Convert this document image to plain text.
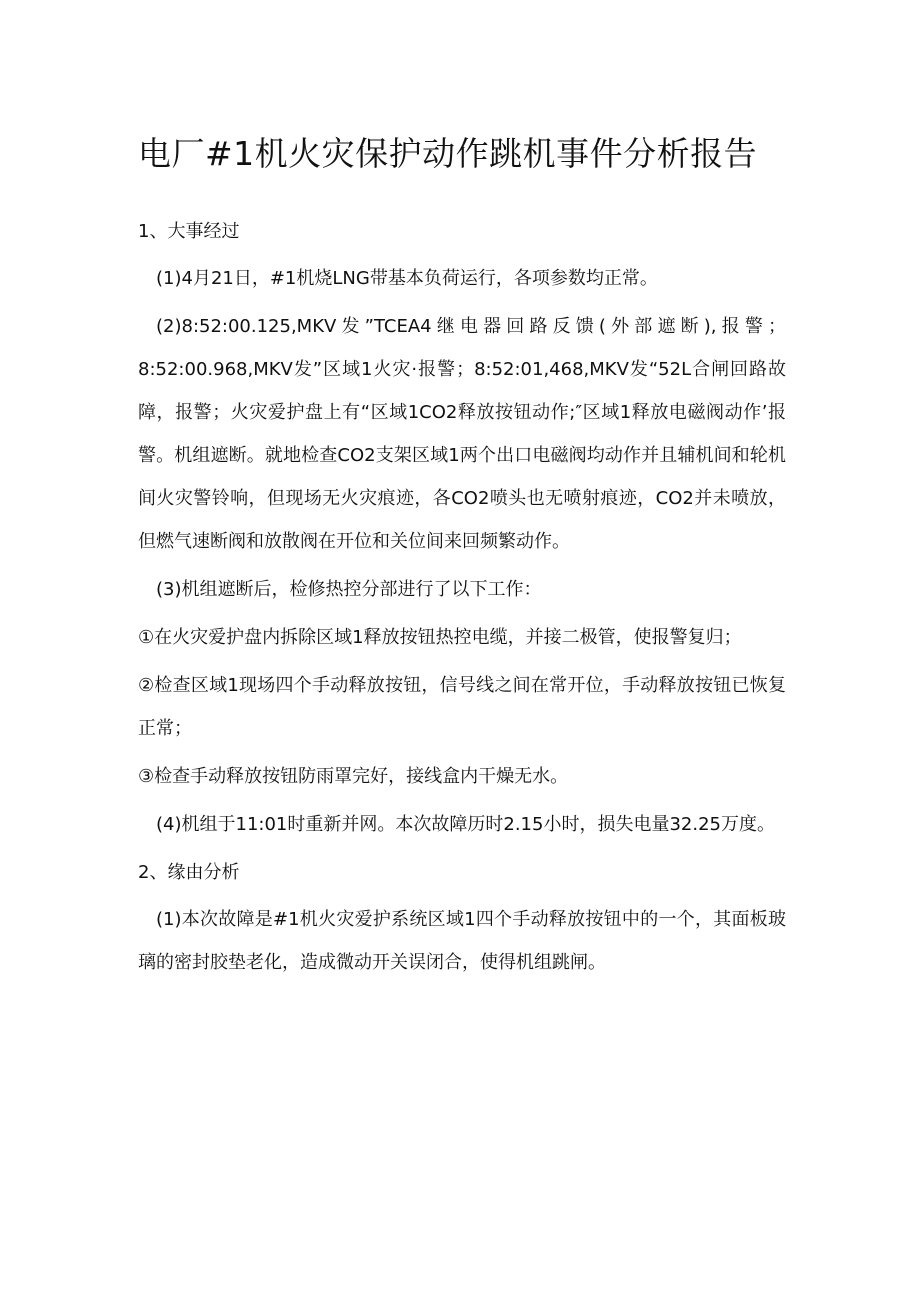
电厂#1机火灾保护动作跳机事件分析报告

1、大事经过

(1)4月21日，#1机烧LNG带基本负荷运行，各项参数均正常。

(2)8:52:00.125,MKV发”TCEA4继电器回路反馈(外部遮断),报警；8:52:00.968,MKV发”区域1火灾·报警；8:52:01,468,MKV发“52L合闸回路故障，报警；火灾爱护盘上有“区域1CO2释放按钮动作;″区域1释放电磁阀动作’报警。机组遮断。就地检查CO2支架区域1两个出口电磁阀均动作并且辅机间和轮机间火灾警铃响，但现场无火灾痕迹，各CO2喷头也无喷射痕迹，CO2并未喷放，但燃气速断阀和放散阀在开位和关位间来回频繁动作。

(3)机组遮断后，检修热控分部进行了以下工作：

①在火灾爱护盘内拆除区域1释放按钮热控电缆，并接二极管，使报警复归；

②检查区域1现场四个手动释放按钮，信号线之间在常开位，手动释放按钮已恢复正常；

③检查手动释放按钮防雨罩完好，接线盒内干燥无水。

(4)机组于11:01时重新并网。本次故障历时2.15小时，损失电量32.25万度。

2、缘由分析

(1)本次故障是#1机火灾爱护系统区域1四个手动释放按钮中的一个，其面板玻璃的密封胶垫老化，造成微动开关误闭合，使得机组跳闸。
